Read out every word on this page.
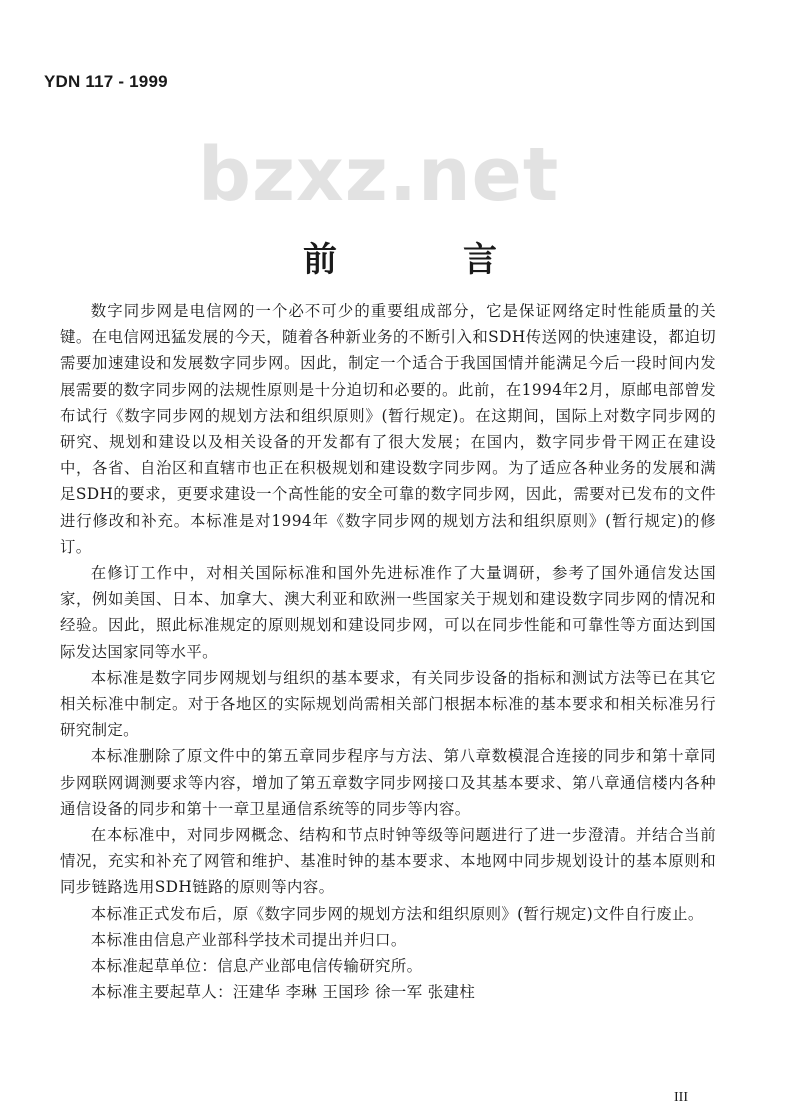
YDN 117 - 1999
bzxz.net
前　言

数字同步网是电信网的一个必不可少的重要组成部分，它是保证网络定时性能质量的关键。在电信网迅猛发展的今天，随着各种新业务的不断引入和SDH传送网的快速建设，都迫切需要加速建设和发展数字同步网。因此，制定一个适合于我国国情并能满足今后一段时间内发展需要的数字同步网的法规性原则是十分迫切和必要的。此前，在1994年2月，原邮电部曾发布试行《数字同步网的规划方法和组织原则》(暂行规定)。在这期间，国际上对数字同步网的研究、规划和建设以及相关设备的开发都有了很大发展；在国内，数字同步骨干网正在建设中，各省、自治区和直辖市也正在积极规划和建设数字同步网。为了适应各种业务的发展和满足SDH的要求，更要求建设一个高性能的安全可靠的数字同步网，因此，需要对已发布的文件进行修改和补充。本标准是对1994年《数字同步网的规划方法和组织原则》(暂行规定)的修订。

在修订工作中，对相关国际标准和国外先进标准作了大量调研，参考了国外通信发达国家，例如美国、日本、加拿大、澳大利亚和欧洲一些国家关于规划和建设数字同步网的情况和经验。因此，照此标准规定的原则规划和建设同步网，可以在同步性能和可靠性等方面达到国际发达国家同等水平。

本标准是数字同步网规划与组织的基本要求，有关同步设备的指标和测试方法等已在其它相关标准中制定。对于各地区的实际规划尚需相关部门根据本标准的基本要求和相关标准另行研究制定。

本标准删除了原文件中的第五章同步程序与方法、第八章数模混合连接的同步和第十章同步网联网调测要求等内容，增加了第五章数字同步网接口及其基本要求、第八章通信楼内各种通信设备的同步和第十一章卫星通信系统等的同步等内容。

在本标准中，对同步网概念、结构和节点时钟等级等问题进行了进一步澄清。并结合当前情况，充实和补充了网管和维护、基准时钟的基本要求、本地网中同步规划设计的基本原则和同步链路选用SDH链路的原则等内容。

本标准正式发布后，原《数字同步网的规划方法和组织原则》(暂行规定)文件自行废止。

本标准由信息产业部科学技术司提出并归口。

本标准起草单位：信息产业部电信传输研究所。

本标准主要起草人：汪建华 李琳 王国珍 徐一军 张建柱

III
